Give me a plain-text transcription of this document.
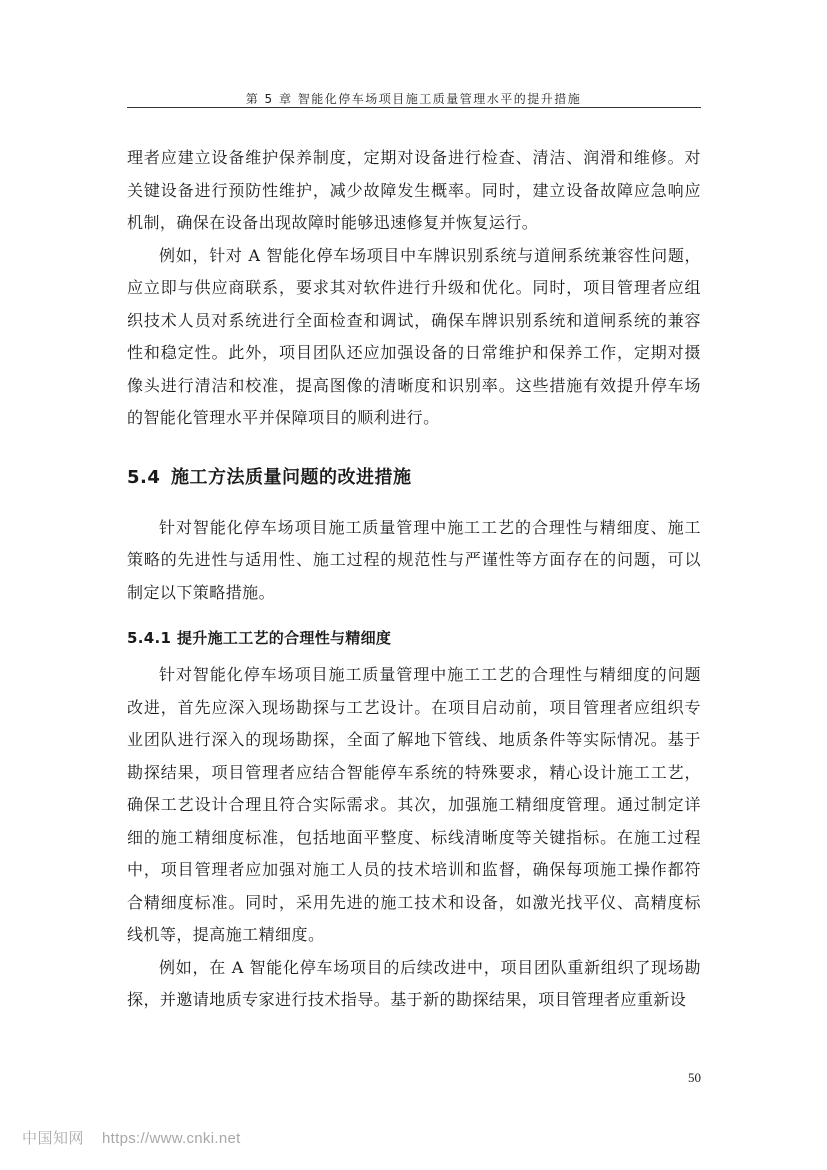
第 5 章 智能化停车场项目施工质量管理水平的提升措施

理者应建立设备维护保养制度，定期对设备进行检查、清洁、润滑和维修。对关键设备进行预防性维护，减少故障发生概率。同时，建立设备故障应急响应机制，确保在设备出现故障时能够迅速修复并恢复运行。

例如，针对 A 智能化停车场项目中车牌识别系统与道闸系统兼容性问题，应立即与供应商联系，要求其对软件进行升级和优化。同时，项目管理者应组织技术人员对系统进行全面检查和调试，确保车牌识别系统和道闸系统的兼容性和稳定性。此外，项目团队还应加强设备的日常维护和保养工作，定期对摄像头进行清洁和校准，提高图像的清晰度和识别率。这些措施有效提升停车场的智能化管理水平并保障项目的顺利进行。

5.4 施工方法质量问题的改进措施

针对智能化停车场项目施工质量管理中施工工艺的合理性与精细度、施工策略的先进性与适用性、施工过程的规范性与严谨性等方面存在的问题，可以制定以下策略措施。

5.4.1 提升施工工艺的合理性与精细度

针对智能化停车场项目施工质量管理中施工工艺的合理性与精细度的问题改进，首先应深入现场勘探与工艺设计。在项目启动前，项目管理者应组织专业团队进行深入的现场勘探，全面了解地下管线、地质条件等实际情况。基于勘探结果，项目管理者应结合智能停车系统的特殊要求，精心设计施工工艺，确保工艺设计合理且符合实际需求。其次，加强施工精细度管理。通过制定详细的施工精细度标准，包括地面平整度、标线清晰度等关键指标。在施工过程中，项目管理者应加强对施工人员的技术培训和监督，确保每项施工操作都符合精细度标准。同时，采用先进的施工技术和设备，如激光找平仪、高精度标线机等，提高施工精细度。

例如，在 A 智能化停车场项目的后续改进中，项目团队重新组织了现场勘探，并邀请地质专家进行技术指导。基于新的勘探结果，项目管理者应重新设

50
中国知网 https://www.cnki.net
